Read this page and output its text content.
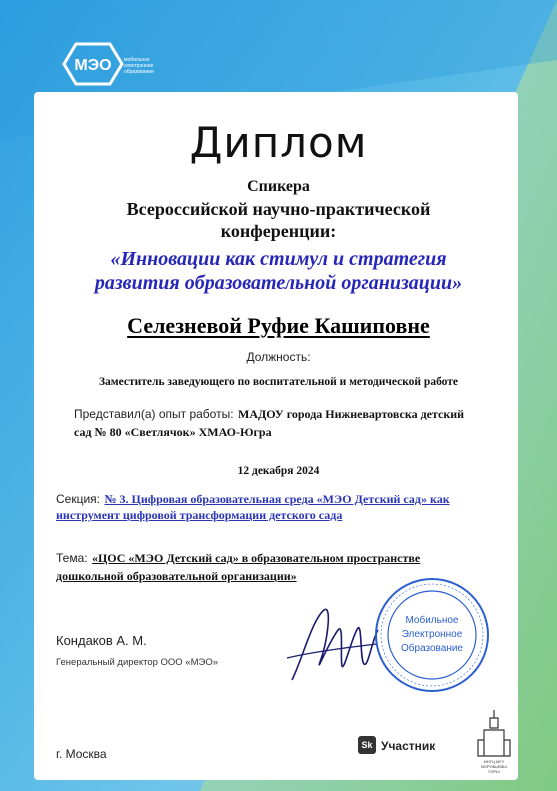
МЭО мобильное электронное образование
Диплом
Спикера
Всероссийской научно-практической
конференции:
«Инновации как стимул и стратегия
развития образовательной организации»
Селезневой Руфие Кашиповне
Должность:
Заместитель заведующего по воспитательной и методической работе
Представил(а) опыт работы: МАДОУ города Нижневартовска детский
сад № 80 «Светлячок» ХМАО-Югра
12 декабря 2024
Секция: № 3. Цифровая образовательная среда «МЭО Детский сад» как
инструмент цифровой трансформации детского сада
Тема: «ЦОС «МЭО Детский сад» в образовательном пространстве
дошкольной образовательной организации»
Кондаков А. М.
Генеральный директор ООО «МЭО»
Мобильное
Электронное
Образование
г. Москва
Sk Участник
ИНТЦ МГУ ВОРОБЬЕВЫ ГОРЫ
